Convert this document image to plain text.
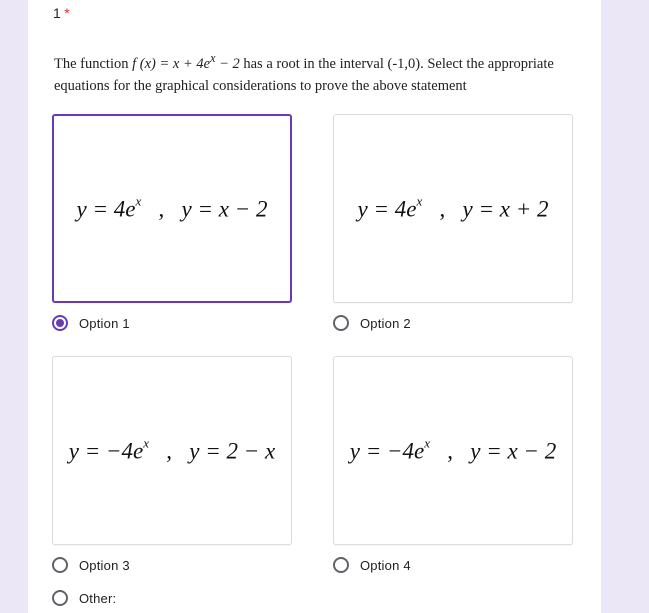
1 *
The function f $(x) = x + 4e^x - 2$ has a root in the interval (-1,0). Select the appropriate equations for the graphical considerations to prove the above statement
$y = 4e^x$   ,   y = x − 2
Option 1
$y = 4e^x$   ,   y = x + 2
Option 2
$y = -4e^x$   ,   y = 2 − x
Option 3
$y = -4e^x$   ,   y = x − 2
Option 4
Other:
